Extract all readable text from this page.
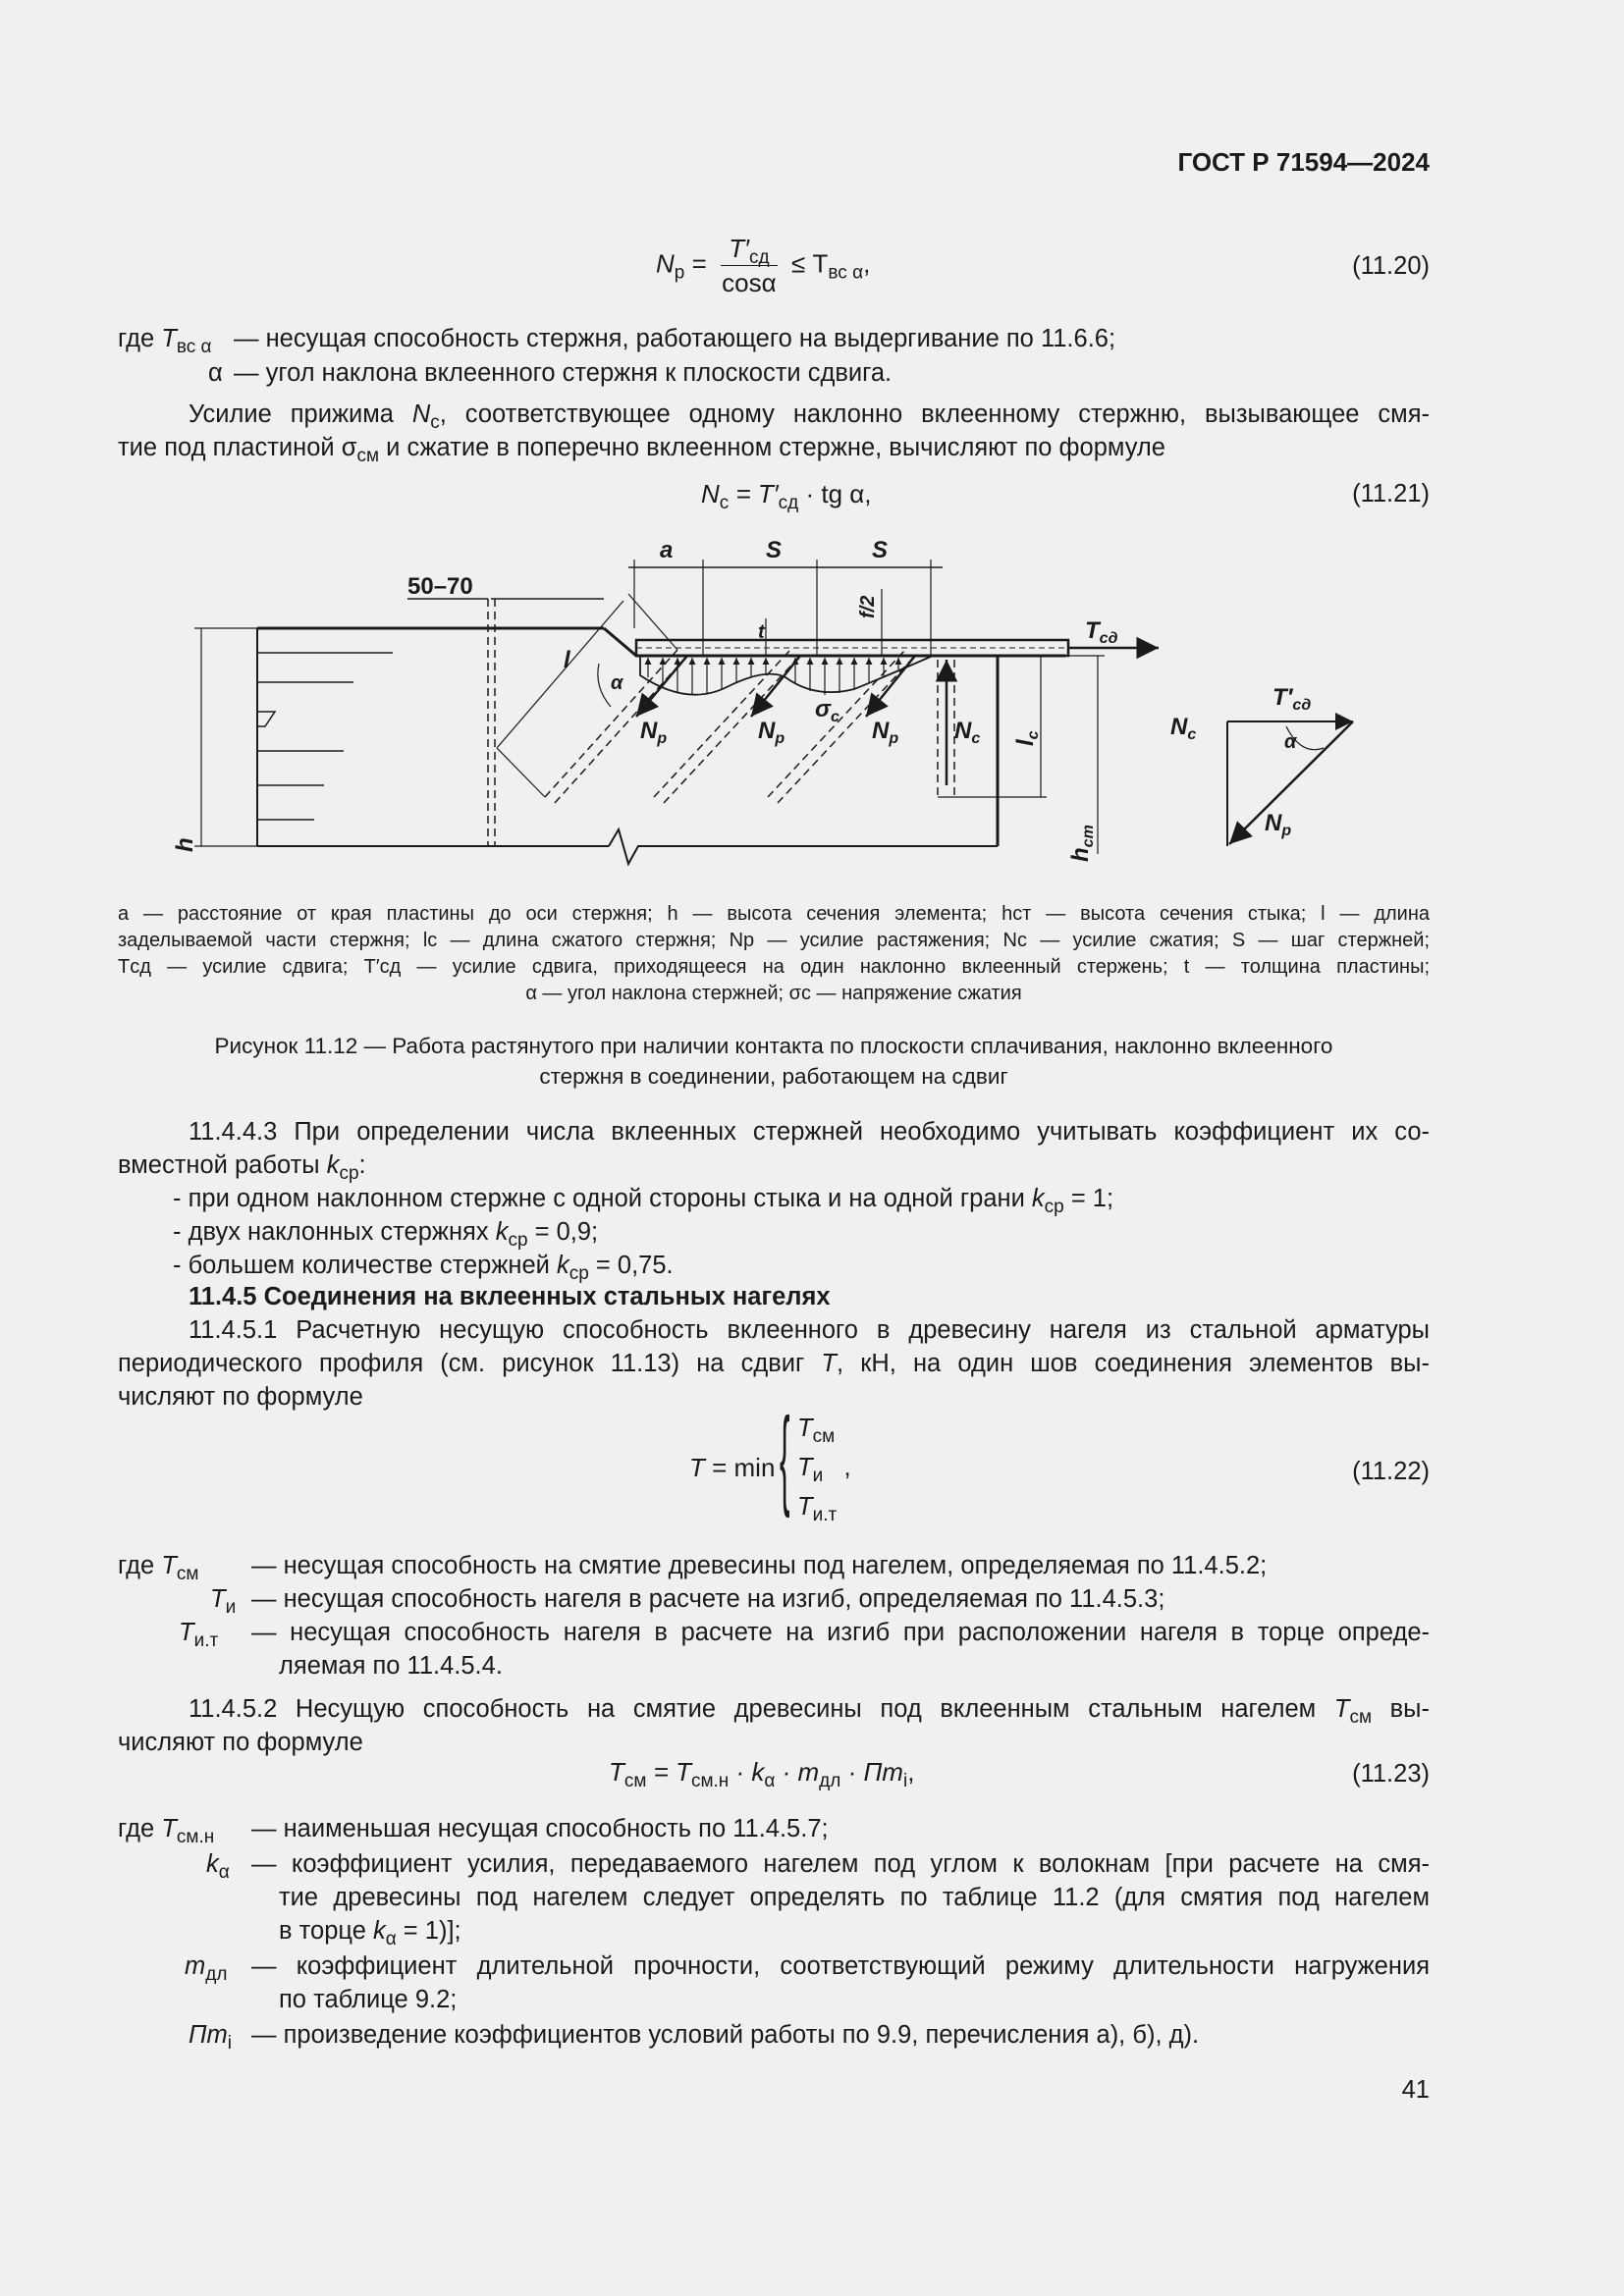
ГОСТ Р 71594—2024
$N_р = \frac{T'_{сд}}{\cos\alpha} \le T_{вс \alpha}$,	(11.20)
где $T_{вс \alpha}$ — несущая способность стержня, работающего на выдергивание по 11.6.6;
α — угол наклона вклеенного стержня к плоскости сдвига.
Усилие прижима $N_с$, соответствующее одному наклонно вклеенному стержню, вызывающее смя-
тие под пластиной $\sigma_{см}$ и сжатие в поперечно вклеенном стержне, вычисляют по формуле
$N_с = T'_{сд}$ · tg α,	(11.21)
a	S	S
50–70
t
f/2
l
α
$N_р$	$N_р$	$N_р$ $N_с$
$\sigma_с$
$l_с$
$T_{сд}$
h
$h_{ст}$
$N_с$
$T'_{сд}$
α
$N_р$
a — расстояние от края пластины до оси стержня; h — высота сечения элемента; hст — высота сечения стыка; l — длина
заделываемой части стержня; lс — длина сжатого стержня; Nр — усилие растяжения; Nс — усилие сжатия; S — шаг стержней;
Tсд — усилие сдвига; T′сд — усилие сдвига, приходящееся на один наклонно вклеенный стержень; t — толщина пластины;
α — угол наклона стержней; σс — напряжение сжатия
Рисунок 11.12 — Работа растянутого при наличии контакта по плоскости сплачивания, наклонно вклеенного
стержня в соединении, работающем на сдвиг
11.4.4.3 При определении числа вклеенных стержней необходимо учитывать коэффициент их со-
вместной работы $k_{ср}$:
- при одном наклонном стержне с одной стороны стыка и на одной грани $k_{ср} = 1$;
- двух наклонных стержнях $k_{ср} = 0,9$;
- большем количестве стержней $k_{ср} = 0,75$.
11.4.5 Соединения на вклеенных стальных нагелях
11.4.5.1 Расчетную несущую способность вклеенного в древесину нагеля из стальной арматуры
периодического профиля (см. рисунок 11.13) на сдвиг T, кН, на один шов соединения элементов вы-
числяют по формуле
T = min { $T_{см}$
$T_и$ ,
$T_{и.т}$
(11.22)
где $T_{см}$ — несущая способность на смятие древесины под нагелем, определяемая по 11.4.5.2;
$T_и$ — несущая способность нагеля в расчете на изгиб, определяемая по 11.4.5.3;
$T_{и.т}$ — несущая способность нагеля в расчете на изгиб при расположении нагеля в торце опреде-
ляемая по 11.4.5.4.
11.4.5.2 Несущую способность на смятие древесины под вклеенным стальным нагелем $T_{см}$ вы-
числяют по формуле
$T_{см} = T_{см.н} \cdot k_\alpha \cdot m_{дл} \cdot Пm_i$,	(11.23)
где $T_{см.н}$ — наименьшая несущая способность по 11.4.5.7;
$k_\alpha$ — коэффициент усилия, передаваемого нагелем под углом к волокнам [при расчете на смя-
тие древесины под нагелем следует определять по таблице 11.2 (для смятия под нагелем
в торце $k_\alpha = 1$)];
$m_{дл}$ — коэффициент длительной прочности, соответствующий режиму длительности нагружения
по таблице 9.2;
$Пm_i$ — произведение коэффициентов условий работы по 9.9, перечисления а), б), д).
41
